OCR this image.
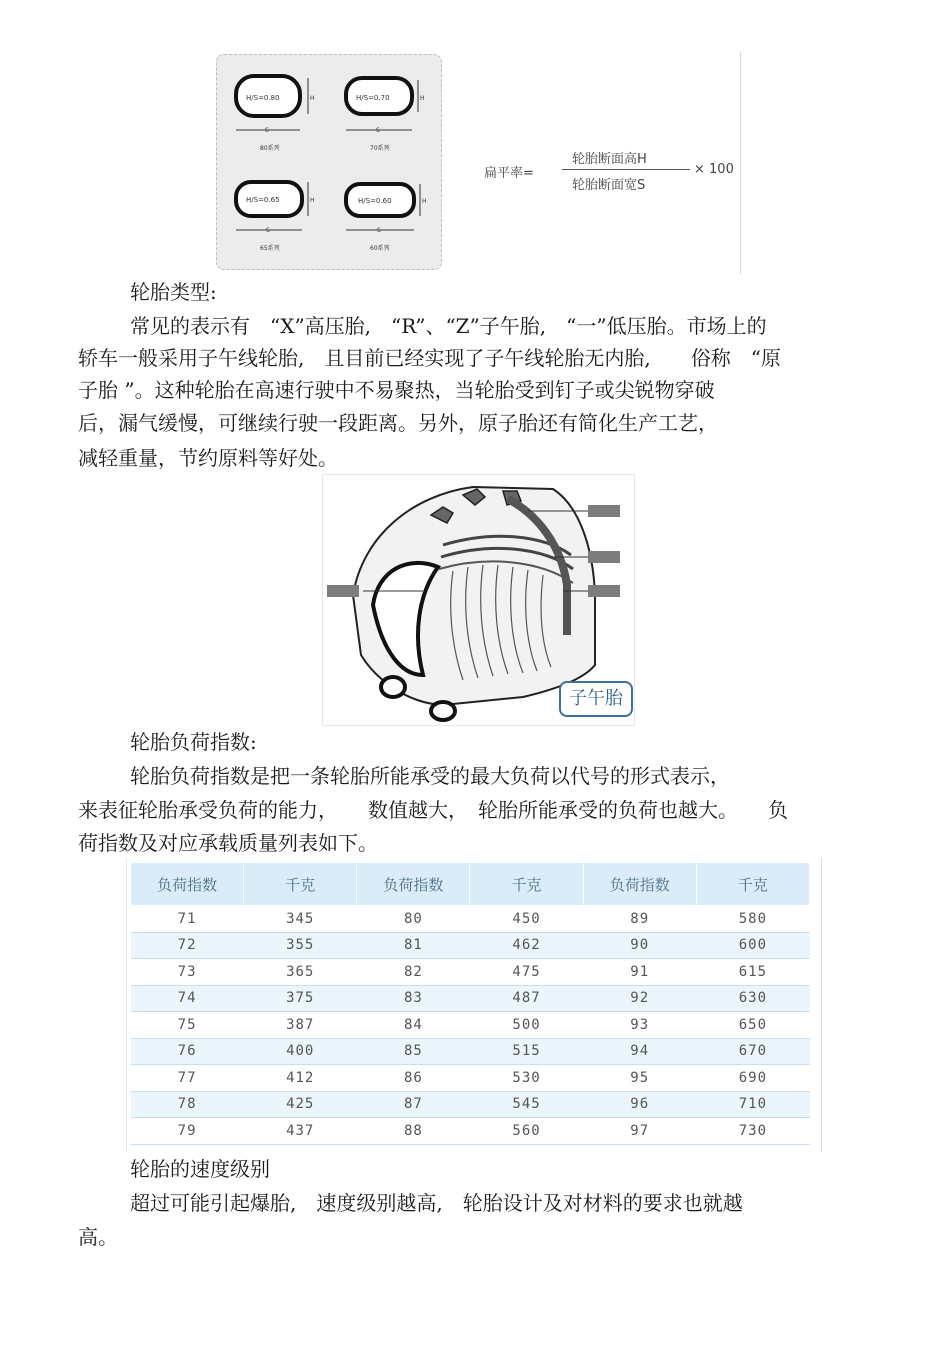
H/S=0.80	H
S
80系列
H/S=0.70	H
S
70系列
H/S=0.65	H
S
65系列
H/S=0.60	H
S
60系列
扁平率=
轮胎断面高H
轮胎断面宽S
× 100
轮胎类型:
常见的表示有　“X”高压胎,　“R”、“Z”子午胎,　“一”低压胎。市场上的
轿车一般采用子午线轮胎,　且目前已经实现了子午线轮胎无内胎,　　俗称　“原
子胎 ”。这种轮胎在高速行驶中不易聚热，当轮胎受到钉子或尖锐物穿破
后，漏气缓慢，可继续行驶一段距离。另外，原子胎还有简化生产工艺，
减轻重量，节约原料等好处。
子午胎
轮胎负荷指数:
轮胎负荷指数是把一条轮胎所能承受的最大负荷以代号的形式表示，
来表征轮胎承受负荷的能力，　　数值越大，　轮胎所能承受的负荷也越大。　　负
荷指数及对应承载质量列表如下。
负荷指数	千克	负荷指数	千克	负荷指数	千克
71	345	80	450	89	580
72	355	81	462	90	600
73	365	82	475	91	615
74	375	83	487	92	630
75	387	84	500	93	650
76	400	85	515	94	670
77	412	86	530	95	690
78	425	87	545	96	710
79	437	88	560	97	730
轮胎的速度级别
超过可能引起爆胎,　速度级别越高,　轮胎设计及对材料的要求也就越
高。
